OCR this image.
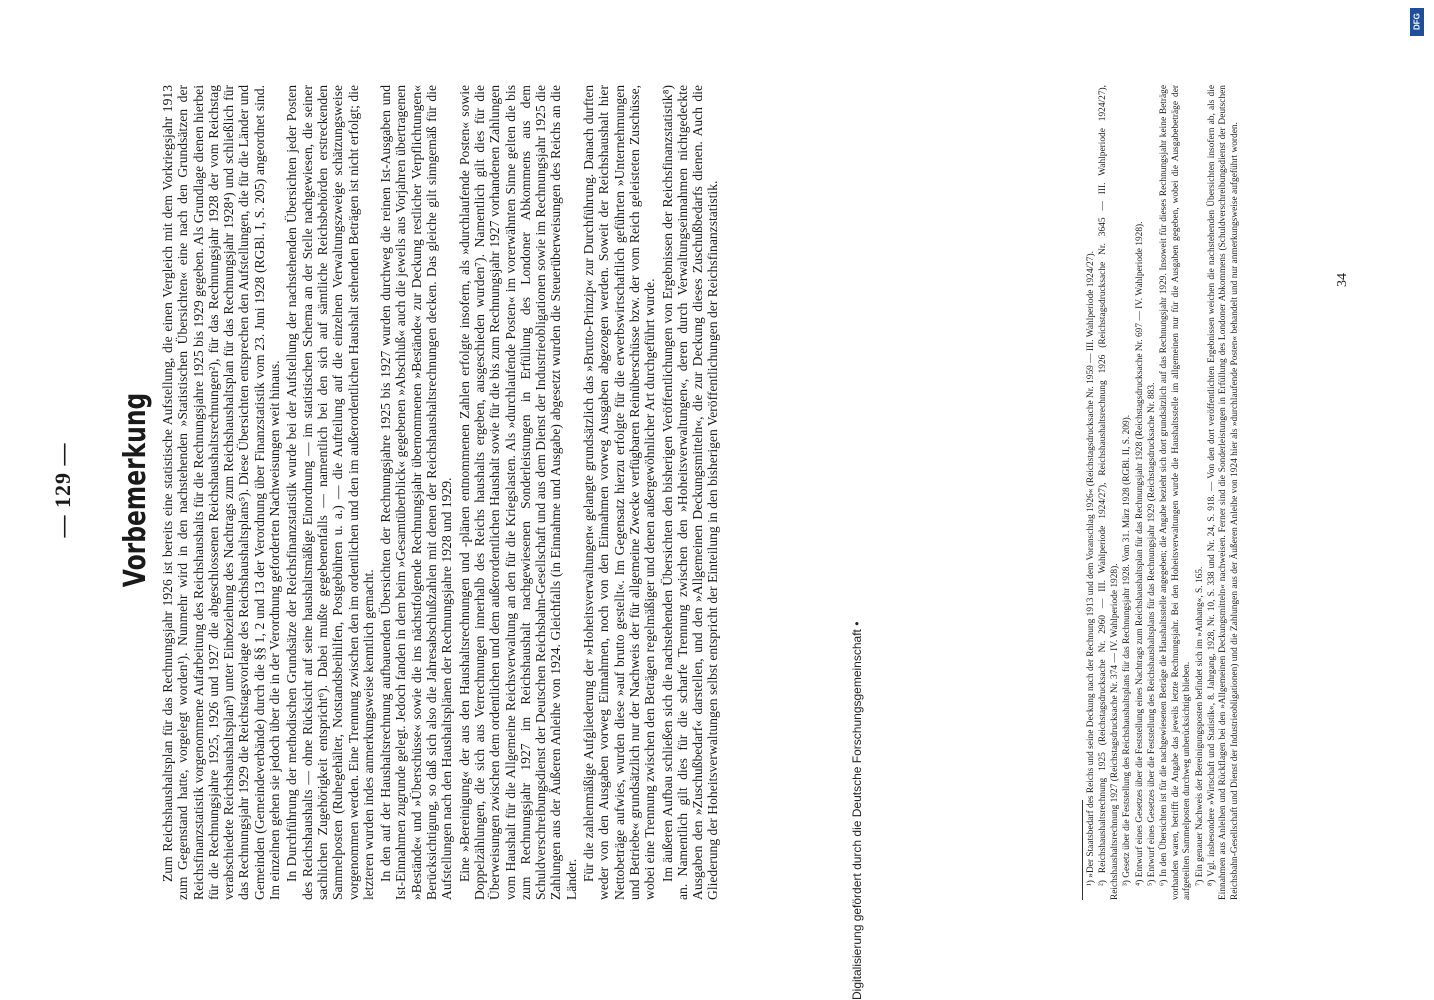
— 129 — Vorbemerkung Zum Reichshaushaltsplan für das Rechnungsjahr 1926 ist bereits eine statistische Aufstellung, die einen Vergleich mit dem Vorkriegsjahr 1913 zum Gegenstand hatte, vorgelegt worden¹). Nunmehr wird in den nachstehenden »Statistischen Übersichten« eine nach den Grundsätzen der Reichsfinanzstatistik vorgenommene Aufarbeitung des Reichshaushalts für die Rechnungsjahre 1925 bis 1929 gegeben. Als Grundlage dienen hierbei für die Rechnungsjahre 1925, 1926 und 1927 die abgeschlossenen Reichshaushaltsrechnungen²), für das Rechnungsjahr 1928 der vom Reichstag verabschiedete Reichshaushaltsplan³) unter Einbeziehung des Nachtrags zum Reichshaushaltsplan für das Rechnungsjahr 1928⁴) und schließlich für das Rechnungsjahr 1929 die Reichstagsvorlage des Reichshaushaltsplans⁵). Diese Übersichten entsprechen den Aufstellungen, die für die Länder und Gemeinden (Gemeindeverbände) durch die §§ 1, 2 und 13 der Verordnung über Finanzstatistik vom 23. Juni 1928 (RGBl. I, S. 205) angeordnet sind. Im einzelnen gehen sie jedoch über die in der Verordnung geforderten Nachweisungen weit hinaus. In Durchführung der methodischen Grundsätze der Reichsfinanzstatistik wurde bei der Aufstellung der nachstehenden Übersichten jeder Posten des Reichshaushalts — ohne Rücksicht auf seine haushaltsmäßige Einordnung — im statistischen Schema an der Stelle nachgewiesen, die seiner sachlichen Zugehörigkeit entspricht⁶). Dabei mußte gegebenenfalls — namentlich bei den sich auf sämtliche Reichsbehörden erstreckenden Sammelposten (Ruhegehälter, Notstandsbeihilfen, Postgebühren u. a.) — die Aufteilung auf die einzelnen Verwaltungszweige schätzungsweise vorgenommen werden. Eine Trennung zwischen den im ordentlichen und den im außerordentlichen Haushalt stehenden Beträgen ist nicht erfolgt; die letzteren wurden indes anmerkungsweise kenntlich gemacht. In den auf der Haushaltsrechnung aufbauenden Übersichten der Rechnungsjahre 1925 bis 1927 wurden durchweg die reinen Ist-Ausgaben und Ist-Einnahmen zugrunde gelegt. Jedoch fanden in dem beim »Gesamtüberblick« gegebenen »Abschluß« auch die jeweils aus Vorjahren übertragenen »Bestände« und »Überschüsse« sowie die ins nächstfolgende Rechnungsjahr übernommenen »Bestände« zur Deckung restlicher Verpflichtungen« Berücksichtigung, so daß sich also die Jahresabschlußzahlen mit denen der Reichshaushaltsrechnungen decken. Das gleiche gilt sinngemäß für die Aufstellungen nach den Haushaltsplänen der Rechnungsjahre 1928 und 1929. Eine »Bereinigung« der aus den Haushaltsrechnungen und -plänen entnommenen Zahlen erfolgte insofern, als »durchlaufende Posten« sowie Doppelzählungen, die sich aus Verrechnungen innerhalb des Reichs haushalts ergeben, ausgeschieden wurden⁷). Namentlich gilt dies für die Überweisungen zwischen dem ordentlichen und dem außerordentlichen Haushalt sowie für die bis zum Rechnungsjahr 1927 vorhandenen Zahlungen vom Haushalt für die Allgemeine Reichsverwaltung an den für die Kriegslasten. Als »durchlaufende Posten« im vorerwähnten Sinne gelten die bis zum Rechnungsjahr 1927 im Reichshaushalt nachgewiesenen Sonderleistungen in Erfüllung des Londoner Abkommens aus dem Schuldverschreibungsdienst der Deutschen Reichsbahn-Gesellschaft und aus dem Dienst der Industrieobligationen sowie im Rechnungsjahr 1925 die Zahlungen aus der Äußeren Anleihe von 1924. Gleichfalls (in Einnahme und Ausgabe) abgesetzt wurden die Steuerüberweisungen des Reichs an die Länder. Für die zahlenmäßige Aufgliederung der »Hoheitsverwaltungen« gelangte grundsätzlich das »Brutto-Prinzip« zur Durchführung. Danach durften weder von den Ausgaben vorweg Einnahmen, noch von den Einnahmen vorweg Ausgaben abgezogen werden. Soweit der Reichshaushalt hier Nettobeträge aufwies, wurden diese »auf brutto gestellt«. Im Gegensatz hierzu erfolgte für die erwerbswirtschaftlich geführten »Unternehmungen und Betriebe« grundsätzlich nur der Nachweis der für allgemeine Zwecke verfügbaren Reinüberschüsse bzw. der vom Reich geleisteten Zuschüsse, wobei eine Trennung zwischen den Beträgen regelmäßiger und denen außergewöhnlicher Art durchgeführt wurde. Im äußeren Aufbau schließen sich die nachstehenden Übersichten den bisherigen Veröffentlichungen von Ergebnissen der Reichsfinanzstatistik⁸) an. Namentlich gilt dies für die scharfe Trennung zwischen den »Hoheitsverwaltungen«, deren durch Verwaltungseinnahmen nichtgedeckte Ausgaben den »Zuschußbedarf« darstellen, und den »Allgemeinen Deckungsmitteln«, die zur Deckung dieses Zuschußbedarfs dienen. Auch die Gliederung der Hoheitsverwaltungen selbst entspricht der Einteilung in den bisherigen Veröffentlichungen der Reichsfinanzstatistik.	¹) »Der Staatsbedarf des Reichs und seine Deckung nach der Rechnung 1913 und dem Voranschlag 1926« (Reichstagsdrucksache Nr. 1959 — III. Wahlperiode 1924/27). ²) Reichshaushaltsrechnung 1925 (Reichstagsdrucksache Nr. 2960 — III. Wahlperiode 1924/27), Reichshaushaltsrechnung 1926 (Reichstagsdrucksache Nr. 3645 — III. Wahlperiode 1924/27), Reichshaushaltsrechnung 1927 (Reichstagsdrucksache Nr. 374 — IV. Wahlperiode 1928). ³) Gesetz über die Feststellung des Reichshaushaltsplans für das Rechnungsjahr 1928. Vom 31. März 1928 (RGBl. II, S. 209). ⁴) Entwurf eines Gesetzes über die Feststellung eines Nachtrags zum Reichshaushaltsplan für das Rechnungsjahr 1928 (Reichstagsdrucksache Nr. 697 — IV. Wahlperiode 1928). ⁵) Entwurf eines Gesetzes über die Feststellung des Reichshaushaltsplans für das Rechnungsjahr 1929 (Reichstagsdrucksache Nr. 883. ⁶) In den Übersichten ist für die nachgewiesenen Beträge die Haushaltsstelle angegeben; die Angabe bezieht sich dort grundsätzlich auf das Rechnungsjahr 1929. Insoweit für dieses Rechnungsjahr keine Beträge vorhanden waren, betrifft die Angabe das jeweils letzte Rechnungsjahr. Bei den Hoheitsverwaltungen wurde die Haushaltsstelle im allgemeinen nur für die Ausgaben gegeben, wobei die Ausgabebeträge der aufgeteilten Sammelposten durchweg unberücksichtigt blieben. ⁷) Ein genauer Nachweis der Bereinigungsposten befindet sich im »Anhang«, S. 165. ⁸) Vgl. insbesondere »Wirtschaft und Statistik«, 8. Jahrgang, 1928, Nr. 10, S. 338 und Nr. 24, S. 918. — Von den dort veröffentlichten Ergebnissen weichen die nachstehenden Übersichten insofern ab, als die Einnahmen aus Anleihen und Rückflagen bei den »Allgemeinen Deckungsmitteln« nachweisen. Ferner sind die Sonderleistungen in Erfüllung des Londoner Abkommens (Schuldverschreibungsdienst der Deutschen Reichsbahn-Gesellschaft und Dienst der Industrieobligationen) und die Zahlungen aus der Äußeren Anleihe von 1924 hier als »durchlaufende Posten« behandelt und nur anmerkungsweise aufgeführt worden.	34
DFG
Digitalisierung gefördert durch die Deutsche Forschungsgemeinschaft •
